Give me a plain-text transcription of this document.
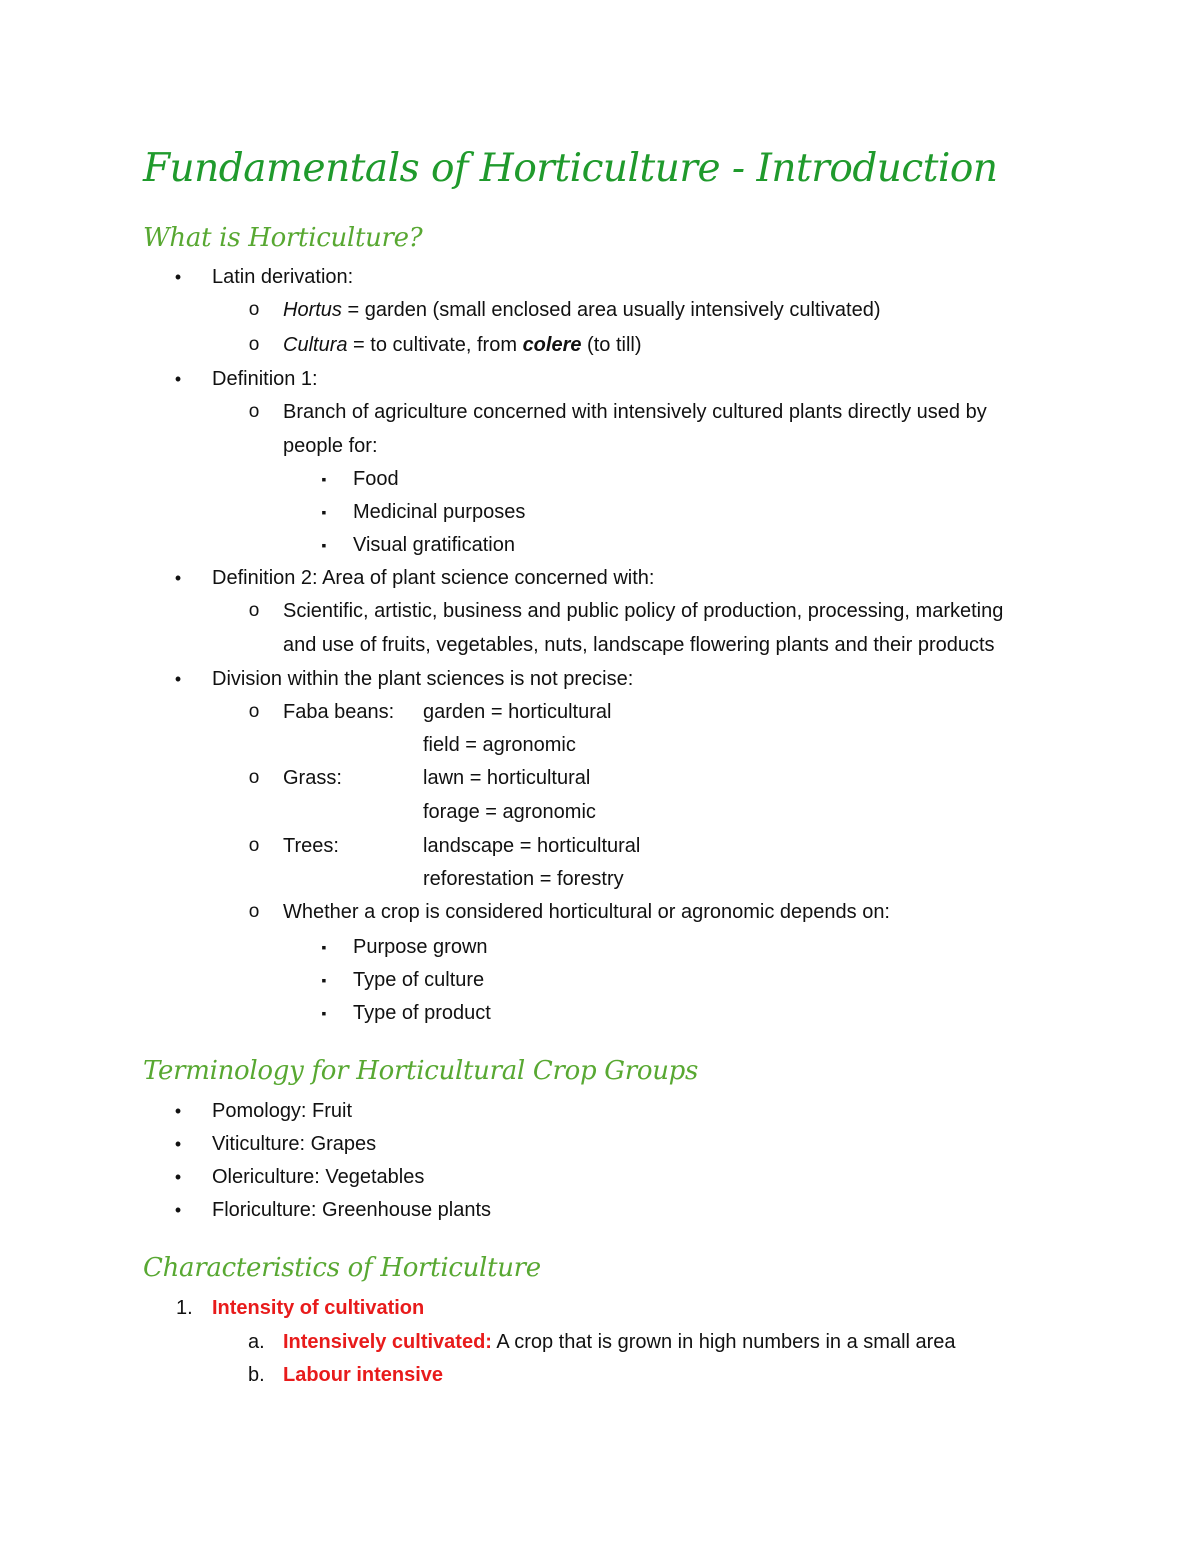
Fundamentals of Horticulture - Introduction
What is Horticulture?
• Latin derivation:
o Hortus = garden (small enclosed area usually intensively cultivated)
o Cultura = to cultivate, from colere (to till)
• Definition 1:
o Branch of agriculture concerned with intensively cultured plants directly used by
people for:
▪ Food
▪ Medicinal purposes
▪ Visual gratification
• Definition 2: Area of plant science concerned with:
o Scientific, artistic, business and public policy of production, processing, marketing
and use of fruits, vegetables, nuts, landscape flowering plants and their products
• Division within the plant sciences is not precise:
o Faba beans: garden = horticultural
field = agronomic
o Grass:	lawn = horticultural
forage = agronomic
o Trees:	landscape = horticultural
reforestation = forestry
o Whether a crop is considered horticultural or agronomic depends on:
▪ Purpose grown
▪ Type of culture
▪ Type of product
Terminology for Horticultural Crop Groups
• Pomology: Fruit
• Viticulture: Grapes
• Olericulture: Vegetables
• Floriculture: Greenhouse plants
Characteristics of Horticulture
1. Intensity of cultivation
a. Intensively cultivated: A crop that is grown in high numbers in a small area
b. Labour intensive
